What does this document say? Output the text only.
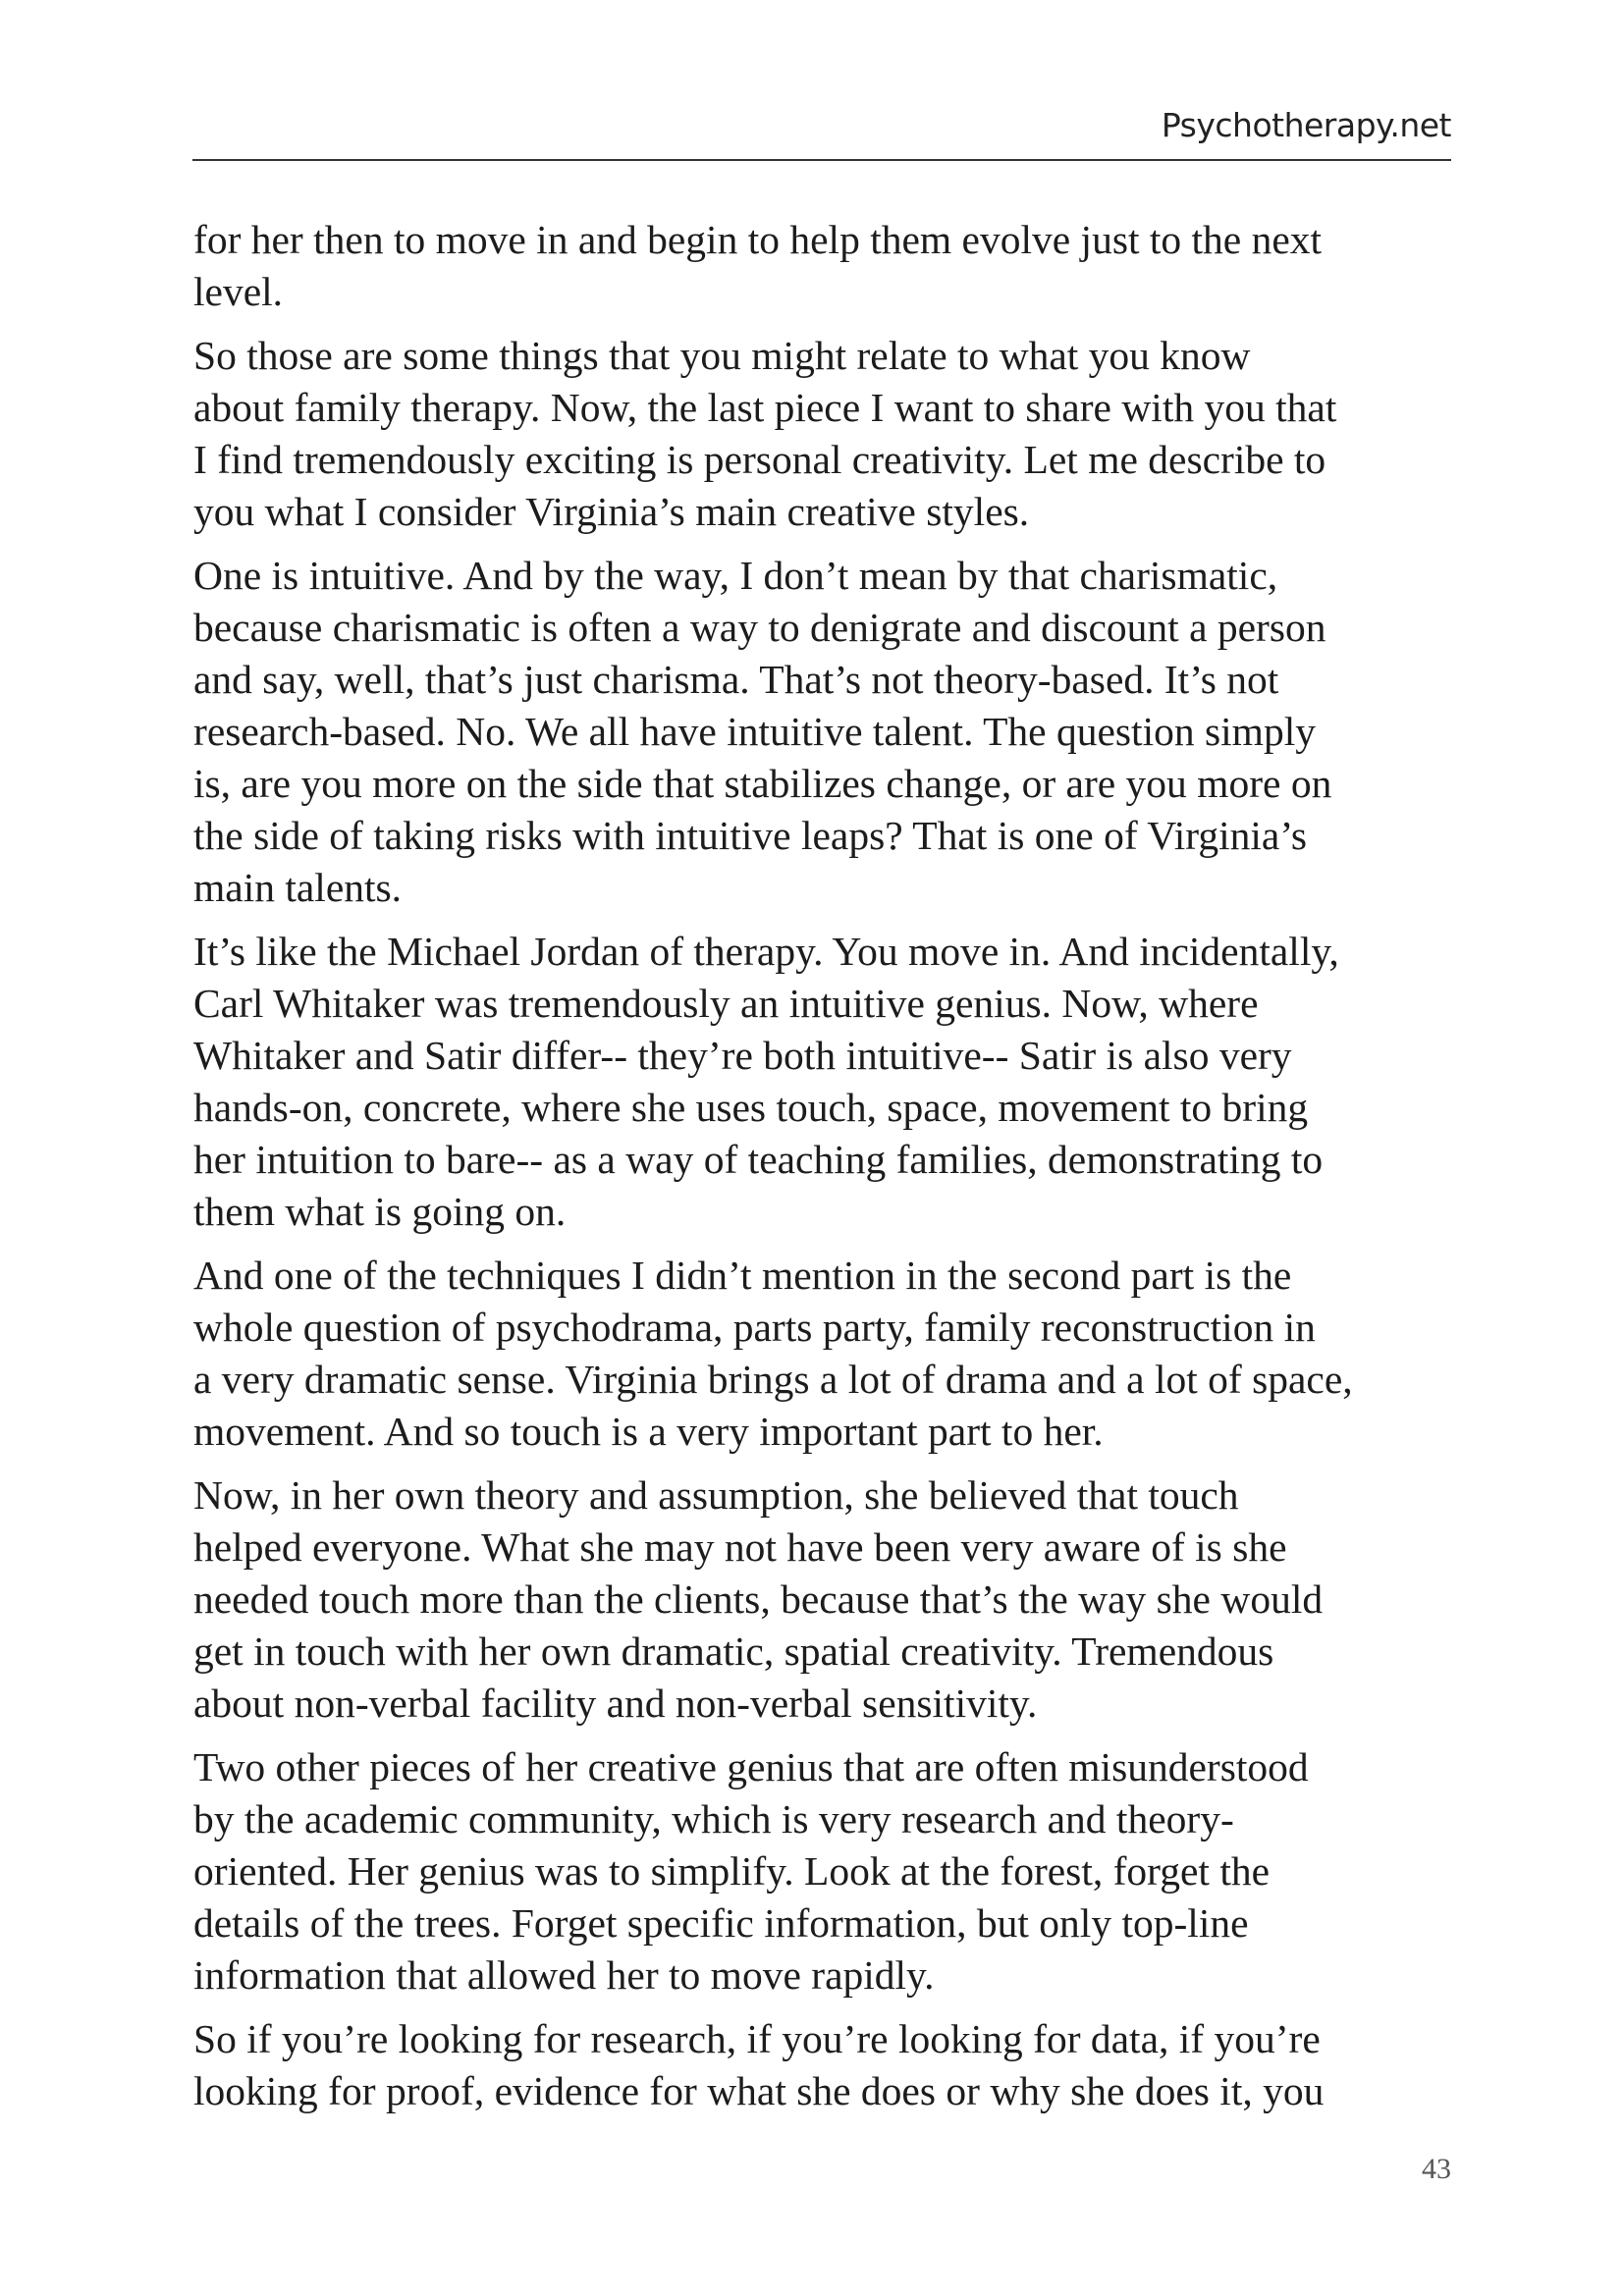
Psychotherapy.net
for her then to move in and begin to help them evolve just to the next
level.
So those are some things that you might relate to what you know
about family therapy. Now, the last piece I want to share with you that
I find tremendously exciting is personal creativity. Let me describe to
you what I consider Virginia’s main creative styles.
One is intuitive. And by the way, I don’t mean by that charismatic,
because charismatic is often a way to denigrate and discount a person
and say, well, that’s just charisma. That’s not theory-based. It’s not
research-based. No. We all have intuitive talent. The question simply
is, are you more on the side that stabilizes change, or are you more on
the side of taking risks with intuitive leaps? That is one of Virginia’s
main talents.
It’s like the Michael Jordan of therapy. You move in. And incidentally,
Carl Whitaker was tremendously an intuitive genius. Now, where
Whitaker and Satir differ-- they’re both intuitive-- Satir is also very
hands-on, concrete, where she uses touch, space, movement to bring
her intuition to bare-- as a way of teaching families, demonstrating to
them what is going on.
And one of the techniques I didn’t mention in the second part is the
whole question of psychodrama, parts party, family reconstruction in
a very dramatic sense. Virginia brings a lot of drama and a lot of space,
movement. And so touch is a very important part to her.
Now, in her own theory and assumption, she believed that touch
helped everyone. What she may not have been very aware of is she
needed touch more than the clients, because that’s the way she would
get in touch with her own dramatic, spatial creativity. Tremendous
about non-verbal facility and non-verbal sensitivity.
Two other pieces of her creative genius that are often misunderstood
by the academic community, which is very research and theory-
oriented. Her genius was to simplify. Look at the forest, forget the
details of the trees. Forget specific information, but only top-line
information that allowed her to move rapidly.
So if you’re looking for research, if you’re looking for data, if you’re
looking for proof, evidence for what she does or why she does it, you
43
